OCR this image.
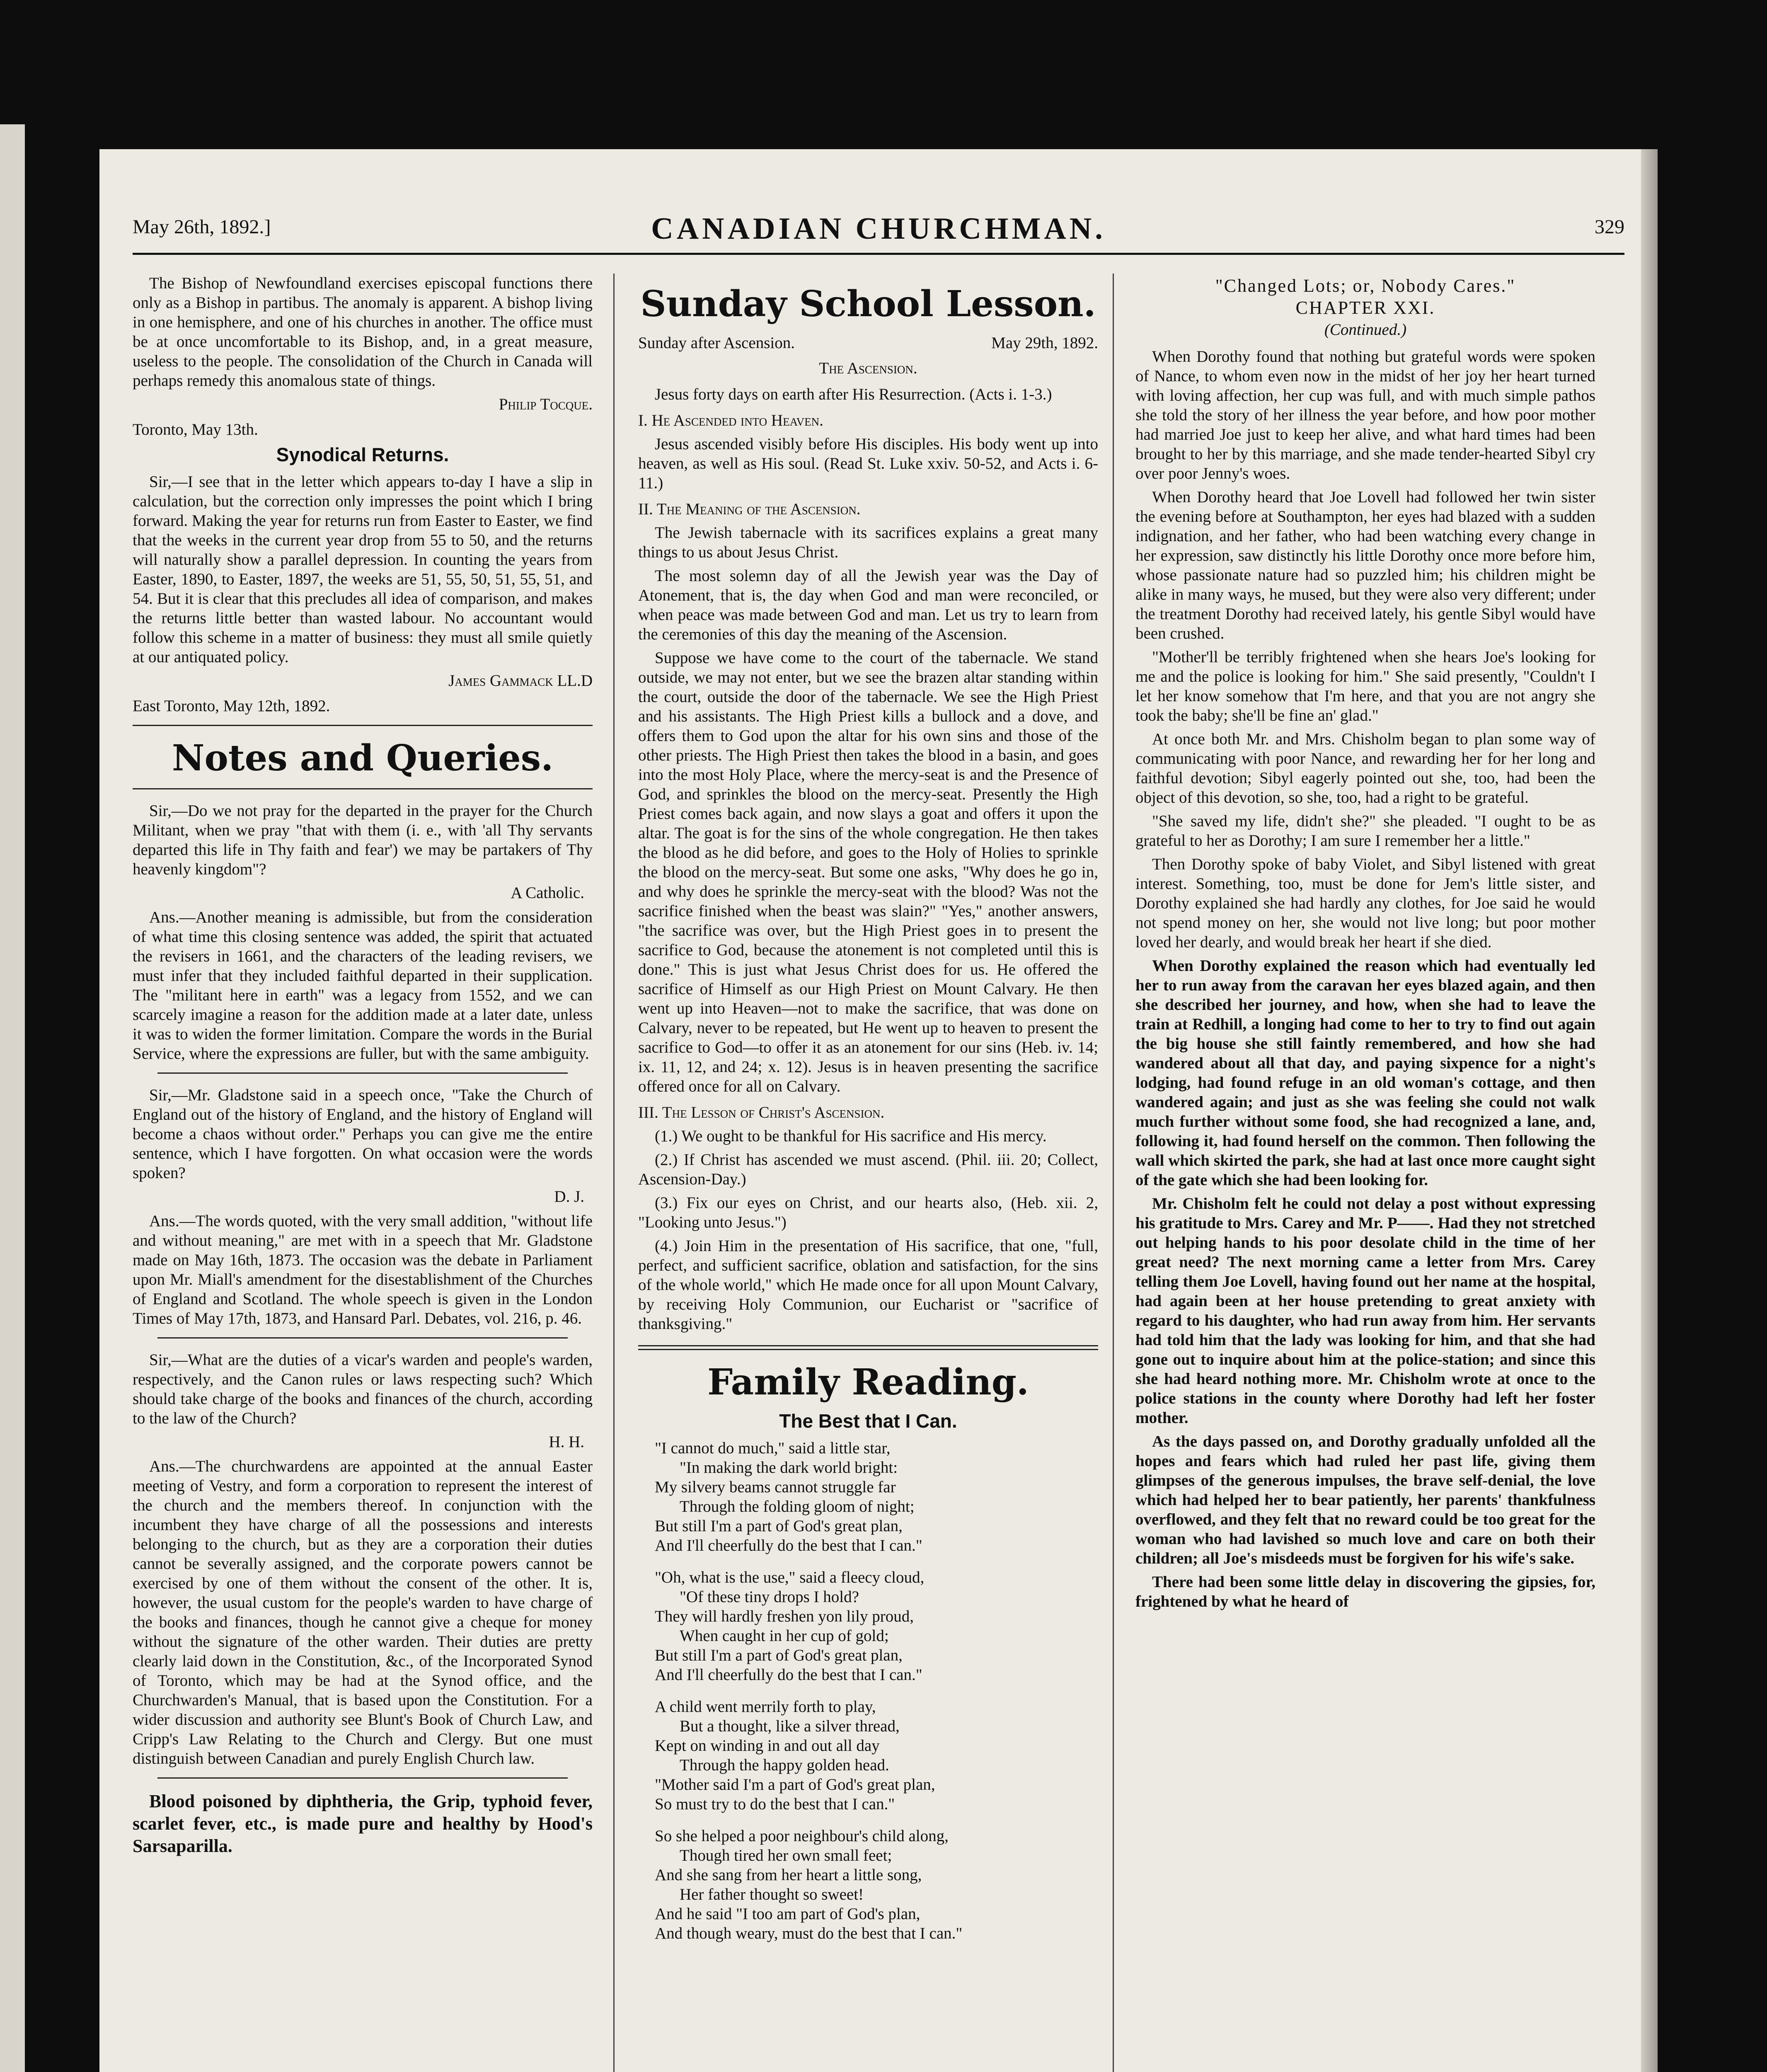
May 26th, 1892.]	CANADIAN CHURCHMAN.	329

The Bishop of Newfoundland exercises episcopal functions there only as a Bishop in partibus. The anomaly is apparent. A bishop living in one hemisphere, and one of his churches in another. The office must be at once uncomfortable to its Bishop, and, in a great measure, useless to the people. The consolidation of the Church in Canada will perhaps remedy this anomalous state of things.

Philip Tocque.
Toronto, May 13th.
Synodical Returns.

Sir,—I see that in the letter which appears to-day I have a slip in calculation, but the correction only impresses the point which I bring forward. Making the year for returns run from Easter to Easter, we find that the weeks in the current year drop from 55 to 50, and the returns will naturally show a parallel depression. In counting the years from Easter, 1890, to Easter, 1897, the weeks are 51, 55, 50, 51, 55, 51, and 54. But it is clear that this precludes all idea of comparison, and makes the returns little better than wasted labour. No accountant would follow this scheme in a matter of business: they must all smile quietly at our antiquated policy.

James Gammack LL.D
East Toronto, May 12th, 1892.
Notes and Queries.

Sir,—Do we not pray for the departed in the prayer for the Church Militant, when we pray "that with them (i. e., with 'all Thy servants departed this life in Thy faith and fear') we may be partakers of Thy heavenly kingdom"?

A Catholic.

Ans.—Another meaning is admissible, but from the consideration of what time this closing sentence was added, the spirit that actuated the revisers in 1661, and the characters of the leading revisers, we must infer that they included faithful departed in their supplication. The "militant here in earth" was a legacy from 1552, and we can scarcely imagine a reason for the addition made at a later date, unless it was to widen the former limitation. Compare the words in the Burial Service, where the expressions are fuller, but with the same ambiguity.

Sir,—Mr. Gladstone said in a speech once, "Take the Church of England out of the history of England, and the history of England will become a chaos without order." Perhaps you can give me the entire sentence, which I have forgotten. On what occasion were the words spoken?

D. J.

Ans.—The words quoted, with the very small addition, "without life and without meaning," are met with in a speech that Mr. Gladstone made on May 16th, 1873. The occasion was the debate in Parliament upon Mr. Miall's amendment for the disestablishment of the Churches of England and Scotland. The whole speech is given in the London Times of May 17th, 1873, and Hansard Parl. Debates, vol. 216, p. 46.

Sir,—What are the duties of a vicar's warden and people's warden, respectively, and the Canon rules or laws respecting such? Which should take charge of the books and finances of the church, according to the law of the Church?

H. H.

Ans.—The churchwardens are appointed at the annual Easter meeting of Vestry, and form a corporation to represent the interest of the church and the members thereof. In conjunction with the incumbent they have charge of all the possessions and interests belonging to the church, but as they are a corporation their duties cannot be severally assigned, and the corporate powers cannot be exercised by one of them without the consent of the other. It is, however, the usual custom for the people's warden to have charge of the books and finances, though he cannot give a cheque for money without the signature of the other warden. Their duties are pretty clearly laid down in the Constitution, &c., of the Incorporated Synod of Toronto, which may be had at the Synod office, and the Churchwarden's Manual, that is based upon the Constitution. For a wider discussion and authority see Blunt's Book of Church Law, and Cripp's Law Relating to the Church and Clergy. But one must distinguish between Canadian and purely English Church law.

Blood poisoned by diphtheria, the Grip, typhoid fever, scarlet fever, etc., is made pure and healthy by Hood's Sarsaparilla.

Sunday School Lesson.
Sunday after Ascension.	May 29th, 1892.

The Ascension.

Jesus forty days on earth after His Resurrection. (Acts i. 1-3.)

I. He Ascended into Heaven.

Jesus ascended visibly before His disciples. His body went up into heaven, as well as His soul. (Read St. Luke xxiv. 50-52, and Acts i. 6-11.)

II. The Meaning of the Ascension.

The Jewish tabernacle with its sacrifices explains a great many things to us about Jesus Christ.

The most solemn day of all the Jewish year was the Day of Atonement, that is, the day when God and man were reconciled, or when peace was made between God and man. Let us try to learn from the ceremonies of this day the meaning of the Ascension.

Suppose we have come to the court of the tabernacle. We stand outside, we may not enter, but we see the brazen altar standing within the court, outside the door of the tabernacle. We see the High Priest and his assistants. The High Priest kills a bullock and a dove, and offers them to God upon the altar for his own sins and those of the other priests. The High Priest then takes the blood in a basin, and goes into the most Holy Place, where the mercy-seat is and the Presence of God, and sprinkles the blood on the mercy-seat. Presently the High Priest comes back again, and now slays a goat and offers it upon the altar. The goat is for the sins of the whole congregation. He then takes the blood as he did before, and goes to the Holy of Holies to sprinkle the blood on the mercy-seat. But some one asks, "Why does he go in, and why does he sprinkle the mercy-seat with the blood? Was not the sacrifice finished when the beast was slain?" "Yes," another answers, "the sacrifice was over, but the High Priest goes in to present the sacrifice to God, because the atonement is not completed until this is done." This is just what Jesus Christ does for us. He offered the sacrifice of Himself as our High Priest on Mount Calvary. He then went up into Heaven—not to make the sacrifice, that was done on Calvary, never to be repeated, but He went up to heaven to present the sacrifice to God—to offer it as an atonement for our sins (Heb. iv. 14; ix. 11, 12, and 24; x. 12). Jesus is in heaven presenting the sacrifice offered once for all on Calvary.

III. The Lesson of Christ's Ascension.

(1.) We ought to be thankful for His sacrifice and His mercy.

(2.) If Christ has ascended we must ascend. (Phil. iii. 20; Collect, Ascension-Day.)

(3.) Fix our eyes on Christ, and our hearts also, (Heb. xii. 2, "Looking unto Jesus.")

(4.) Join Him in the presentation of His sacrifice, that one, "full, perfect, and sufficient sacrifice, oblation and satisfaction, for the sins of the whole world," which He made once for all upon Mount Calvary, by receiving Holy Communion, our Eucharist or "sacrifice of thanksgiving."

Family Reading.
The Best that I Can.

"I cannot do much," said a little star,

"In making the dark world bright:

My silvery beams cannot struggle far

Through the folding gloom of night;

But still I'm a part of God's great plan,

And I'll cheerfully do the best that I can."

"Oh, what is the use," said a fleecy cloud,

"Of these tiny drops I hold?

They will hardly freshen yon lily proud,

When caught in her cup of gold;

But still I'm a part of God's great plan,

And I'll cheerfully do the best that I can."

A child went merrily forth to play,

But a thought, like a silver thread,

Kept on winding in and out all day

Through the happy golden head.

"Mother said I'm a part of God's great plan,

So must try to do the best that I can."

So she helped a poor neighbour's child along,

Though tired her own small feet;

And she sang from her heart a little song,

Her father thought so sweet!

And he said "I too am part of God's plan,

And though weary, must do the best that I can."

"Changed Lots; or, Nobody Cares."
CHAPTER XXI.
(Continued.)

When Dorothy found that nothing but grateful words were spoken of Nance, to whom even now in the midst of her joy her heart turned with loving affection, her cup was full, and with much simple pathos she told the story of her illness the year before, and how poor mother had married Joe just to keep her alive, and what hard times had been brought to her by this marriage, and she made tender-hearted Sibyl cry over poor Jenny's woes.

When Dorothy heard that Joe Lovell had followed her twin sister the evening before at Southampton, her eyes had blazed with a sudden indignation, and her father, who had been watching every change in her expression, saw distinctly his little Dorothy once more before him, whose passionate nature had so puzzled him; his children might be alike in many ways, he mused, but they were also very different; under the treatment Dorothy had received lately, his gentle Sibyl would have been crushed.

"Mother'll be terribly frightened when she hears Joe's looking for me and the police is looking for him." She said presently, "Couldn't I let her know somehow that I'm here, and that you are not angry she took the baby; she'll be fine an' glad."

At once both Mr. and Mrs. Chisholm began to plan some way of communicating with poor Nance, and rewarding her for her long and faithful devotion; Sibyl eagerly pointed out she, too, had been the object of this devotion, so she, too, had a right to be grateful.

"She saved my life, didn't she?" she pleaded. "I ought to be as grateful to her as Dorothy; I am sure I remember her a little."

Then Dorothy spoke of baby Violet, and Sibyl listened with great interest. Something, too, must be done for Jem's little sister, and Dorothy explained she had hardly any clothes, for Joe said he would not spend money on her, she would not live long; but poor mother loved her dearly, and would break her heart if she died.

When Dorothy explained the reason which had eventually led her to run away from the caravan her eyes blazed again, and then she described her journey, and how, when she had to leave the train at Redhill, a longing had come to her to try to find out again the big house she still faintly remembered, and how she had wandered about all that day, and paying sixpence for a night's lodging, had found refuge in an old woman's cottage, and then wandered again; and just as she was feeling she could not walk much further without some food, she had recognized a lane, and, following it, had found herself on the common. Then following the wall which skirted the park, she had at last once more caught sight of the gate which she had been looking for.

Mr. Chisholm felt he could not delay a post without expressing his gratitude to Mrs. Carey and Mr. P——. Had they not stretched out helping hands to his poor desolate child in the time of her great need? The next morning came a letter from Mrs. Carey telling them Joe Lovell, having found out her name at the hospital, had again been at her house pretending to great anxiety with regard to his daughter, who had run away from him. Her servants had told him that the lady was looking for him, and that she had gone out to inquire about him at the police-station; and since this she had heard nothing more. Mr. Chisholm wrote at once to the police stations in the county where Dorothy had left her foster mother.

As the days passed on, and Dorothy gradually unfolded all the hopes and fears which had ruled her past life, giving them glimpses of the generous impulses, the brave self-denial, the love which had helped her to bear patiently, her parents' thankfulness overflowed, and they felt that no reward could be too great for the woman who had lavished so much love and care on both their children; all Joe's misdeeds must be forgiven for his wife's sake.

There had been some little delay in discovering the gipsies, for, frightened by what he heard of
